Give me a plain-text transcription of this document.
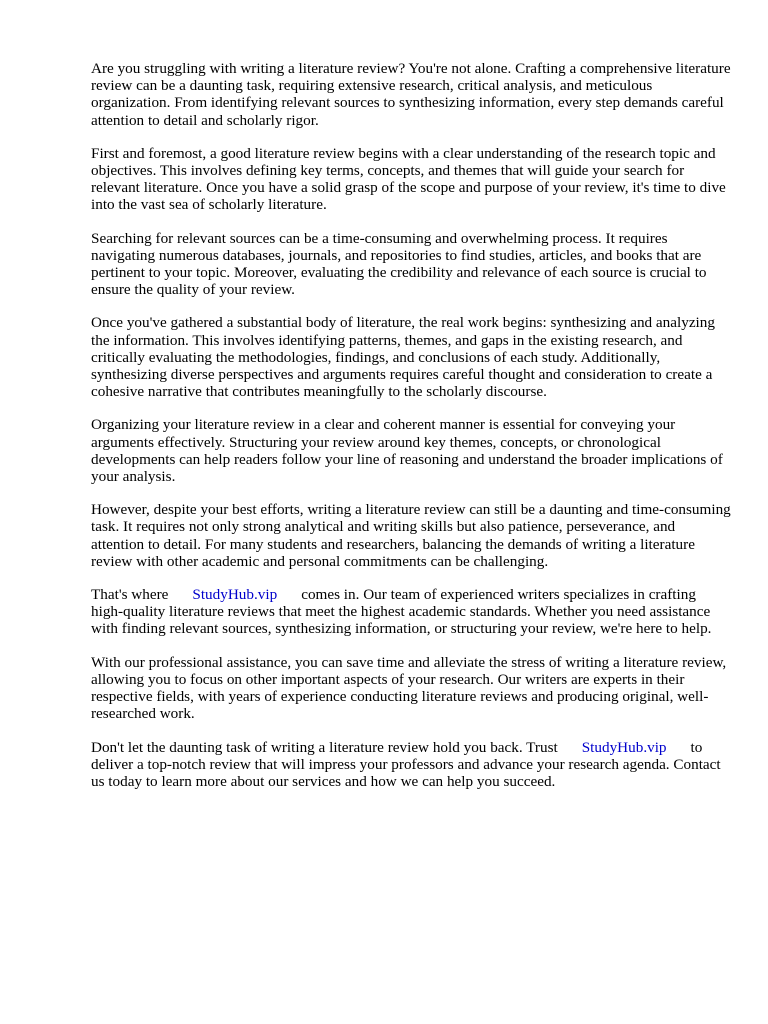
Are you struggling with writing a literature review? You're not alone. Crafting a comprehensive literature review can be a daunting task, requiring extensive research, critical analysis, and meticulous organization. From identifying relevant sources to synthesizing information, every step demands careful attention to detail and scholarly rigor.

First and foremost, a good literature review begins with a clear understanding of the research topic and objectives. This involves defining key terms, concepts, and themes that will guide your search for relevant literature. Once you have a solid grasp of the scope and purpose of your review, it's time to dive into the vast sea of scholarly literature.

Searching for relevant sources can be a time-consuming and overwhelming process. It requires navigating numerous databases, journals, and repositories to find studies, articles, and books that are pertinent to your topic. Moreover, evaluating the credibility and relevance of each source is crucial to ensure the quality of your review.

Once you've gathered a substantial body of literature, the real work begins: synthesizing and analyzing the information. This involves identifying patterns, themes, and gaps in the existing research, and critically evaluating the methodologies, findings, and conclusions of each study. Additionally, synthesizing diverse perspectives and arguments requires careful thought and consideration to create a cohesive narrative that contributes meaningfully to the scholarly discourse.

Organizing your literature review in a clear and coherent manner is essential for conveying your arguments effectively. Structuring your review around key themes, concepts, or chronological developments can help readers follow your line of reasoning and understand the broader implications of your analysis.

However, despite your best efforts, writing a literature review can still be a daunting and time-consuming task. It requires not only strong analytical and writing skills but also patience, perseverance, and attention to detail. For many students and researchers, balancing the demands of writing a literature review with other academic and personal commitments can be challenging.

That's where StudyHub.vip comes in. Our team of experienced writers specializes in crafting high-quality literature reviews that meet the highest academic standards. Whether you need assistance with finding relevant sources, synthesizing information, or structuring your review, we're here to help.

With our professional assistance, you can save time and alleviate the stress of writing a literature review, allowing you to focus on other important aspects of your research. Our writers are experts in their respective fields, with years of experience conducting literature reviews and producing original, well-researched work.

Don't let the daunting task of writing a literature review hold you back. Trust StudyHub.vip to deliver a top-notch review that will impress your professors and advance your research agenda. Contact us today to learn more about our services and how we can help you succeed.
